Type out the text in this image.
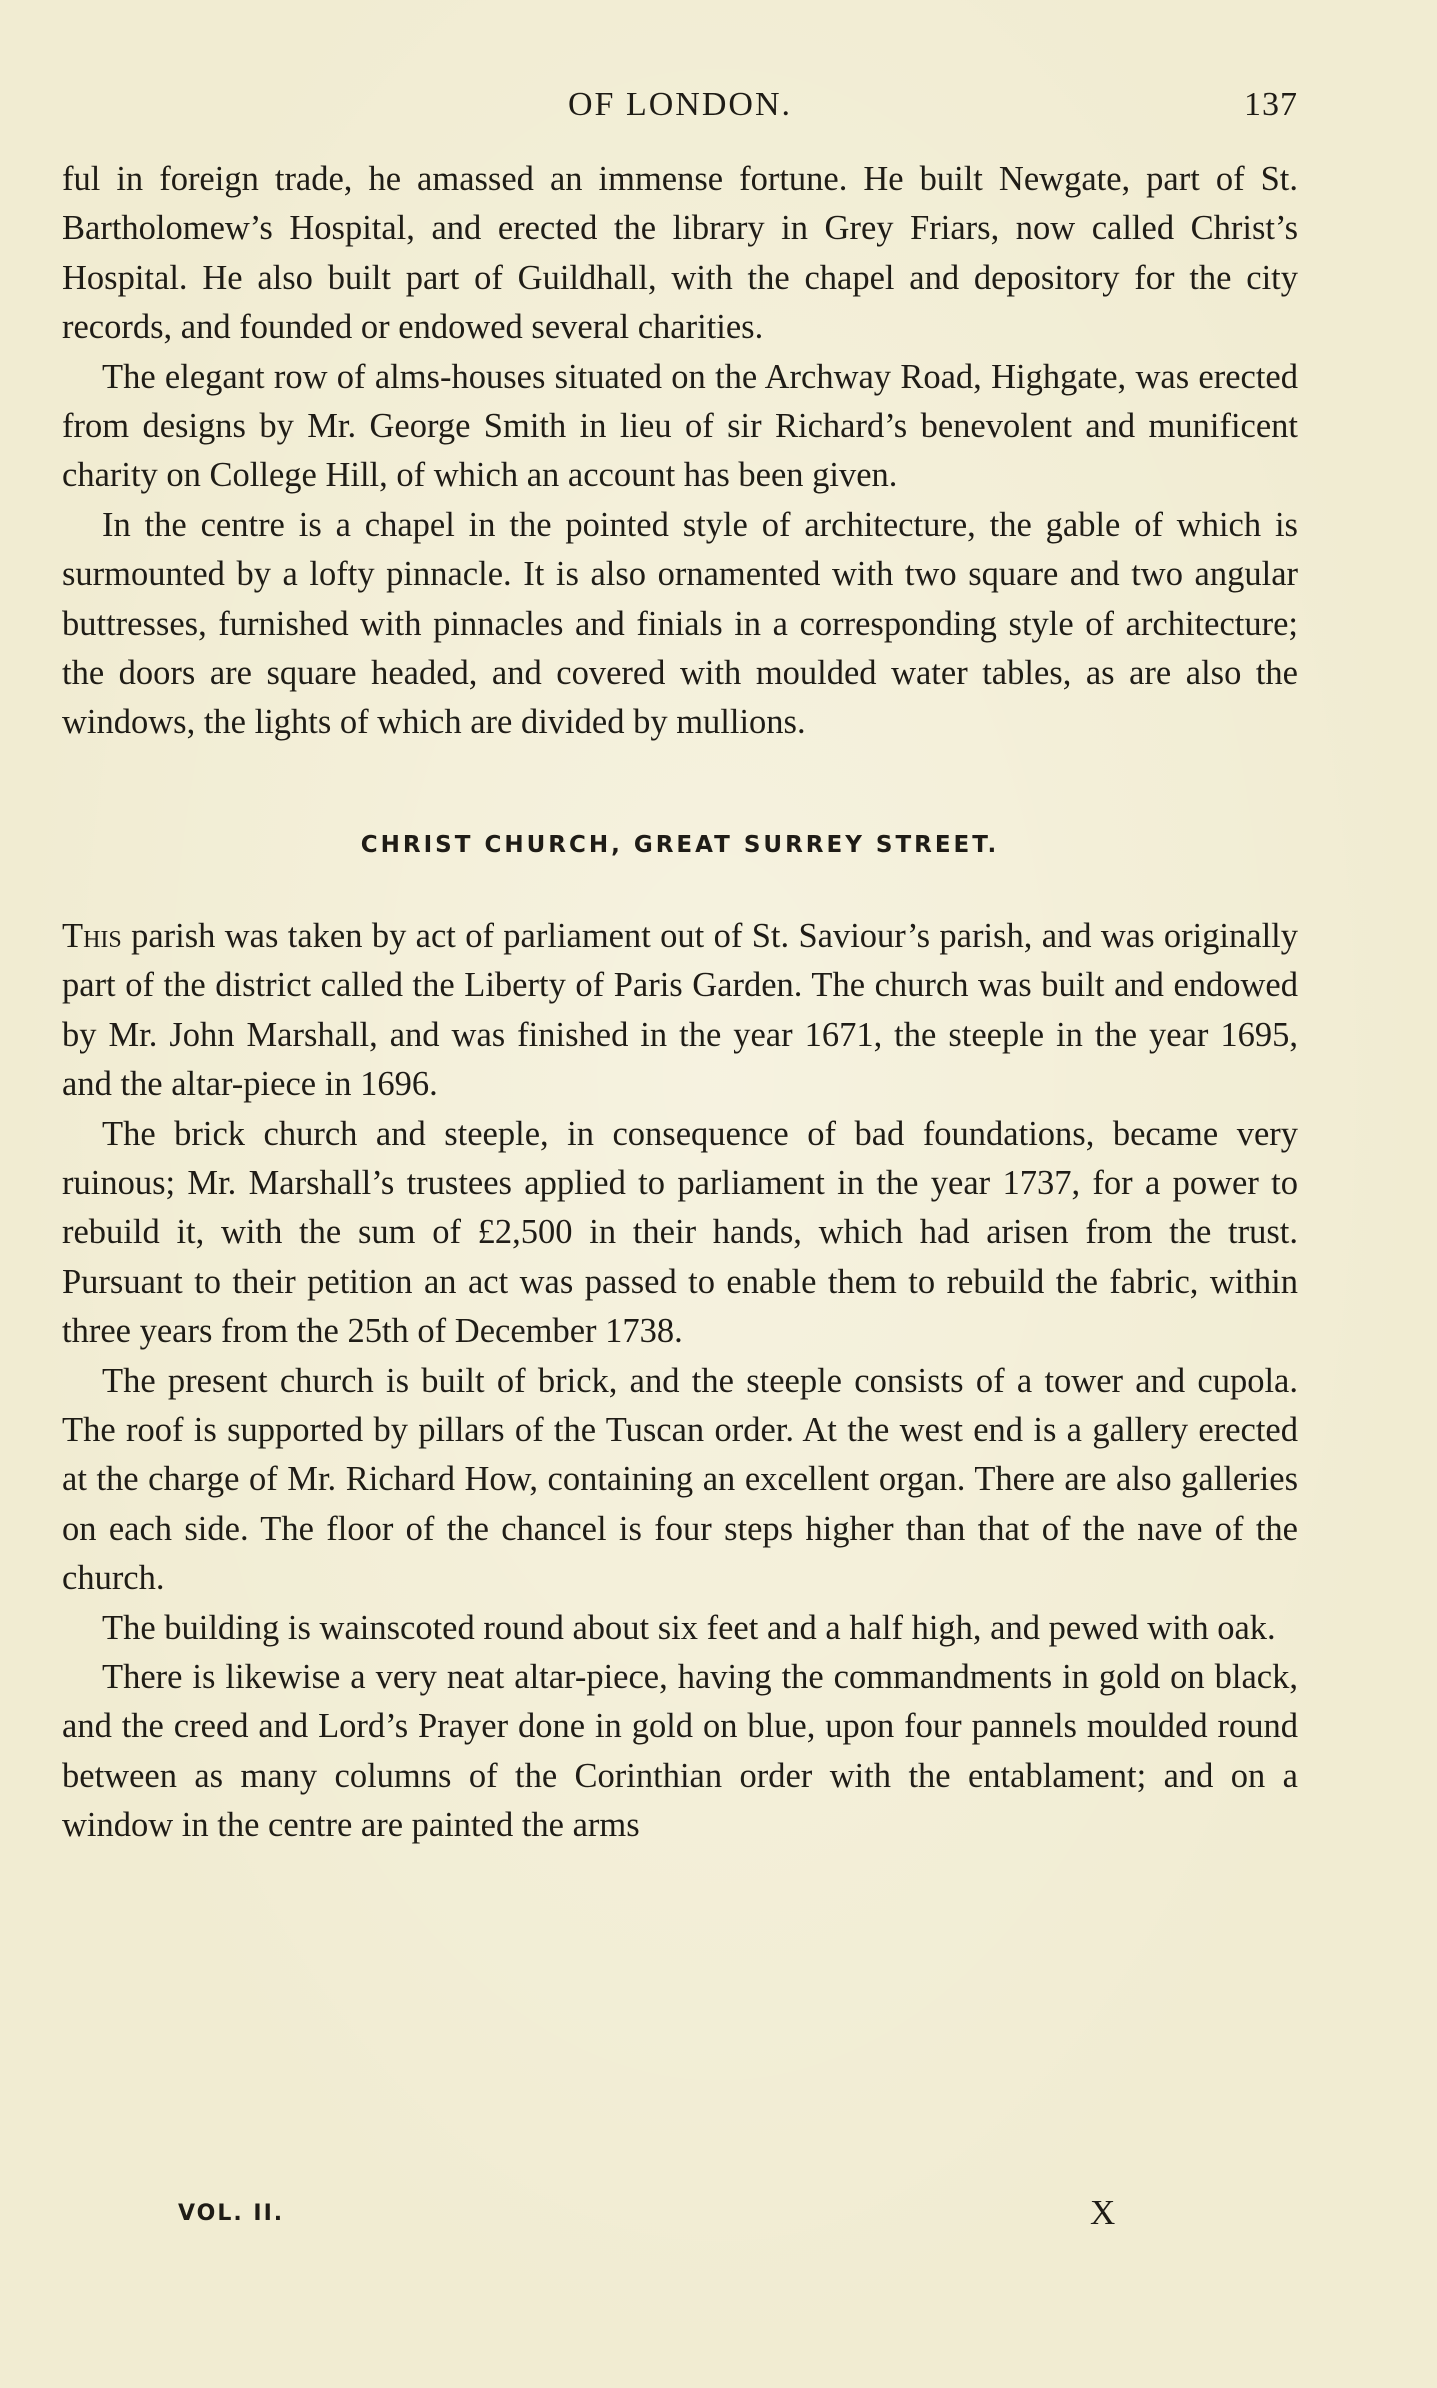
OF LONDON.	137

ful in foreign trade, he amassed an immense fortune. He built Newgate, part of St. Bartholomew’s Hospital, and erected the library in Grey Friars, now called Christ’s Hospital. He also built part of Guildhall, with the chapel and depository for the city records, and founded or endowed several charities.

The elegant row of alms-houses situated on the Archway Road, Highgate, was erected from designs by Mr. George Smith in lieu of sir Richard’s benevolent and munificent charity on College Hill, of which an account has been given.

In the centre is a chapel in the pointed style of architecture, the gable of which is surmounted by a lofty pinnacle. It is also ornamented with two square and two angular buttresses, furnished with pinnacles and finials in a corresponding style of architecture; the doors are square headed, and covered with moulded water tables, as are also the windows, the lights of which are divided by mullions.

CHRIST CHURCH, GREAT SURREY STREET.

This parish was taken by act of parliament out of St. Saviour’s parish, and was originally part of the district called the Liberty of Paris Garden. The church was built and endowed by Mr. John Marshall, and was finished in the year 1671, the steeple in the year 1695, and the altar-piece in 1696.

The brick church and steeple, in consequence of bad foundations, became very ruinous; Mr. Marshall’s trustees applied to parliament in the year 1737, for a power to rebuild it, with the sum of £2,500 in their hands, which had arisen from the trust. Pursuant to their petition an act was passed to enable them to rebuild the fabric, within three years from the 25th of December 1738.

The present church is built of brick, and the steeple consists of a tower and cupola. The roof is supported by pillars of the Tuscan order. At the west end is a gallery erected at the charge of Mr. Richard How, containing an excellent organ. There are also galleries on each side. The floor of the chancel is four steps higher than that of the nave of the church.

The building is wainscoted round about six feet and a half high, and pewed with oak.

There is likewise a very neat altar-piece, having the commandments in gold on black, and the creed and Lord’s Prayer done in gold on blue, upon four pannels moulded round between as many columns of the Corinthian order with the entablament; and on a window in the centre are painted the arms

VOL. II.	X
